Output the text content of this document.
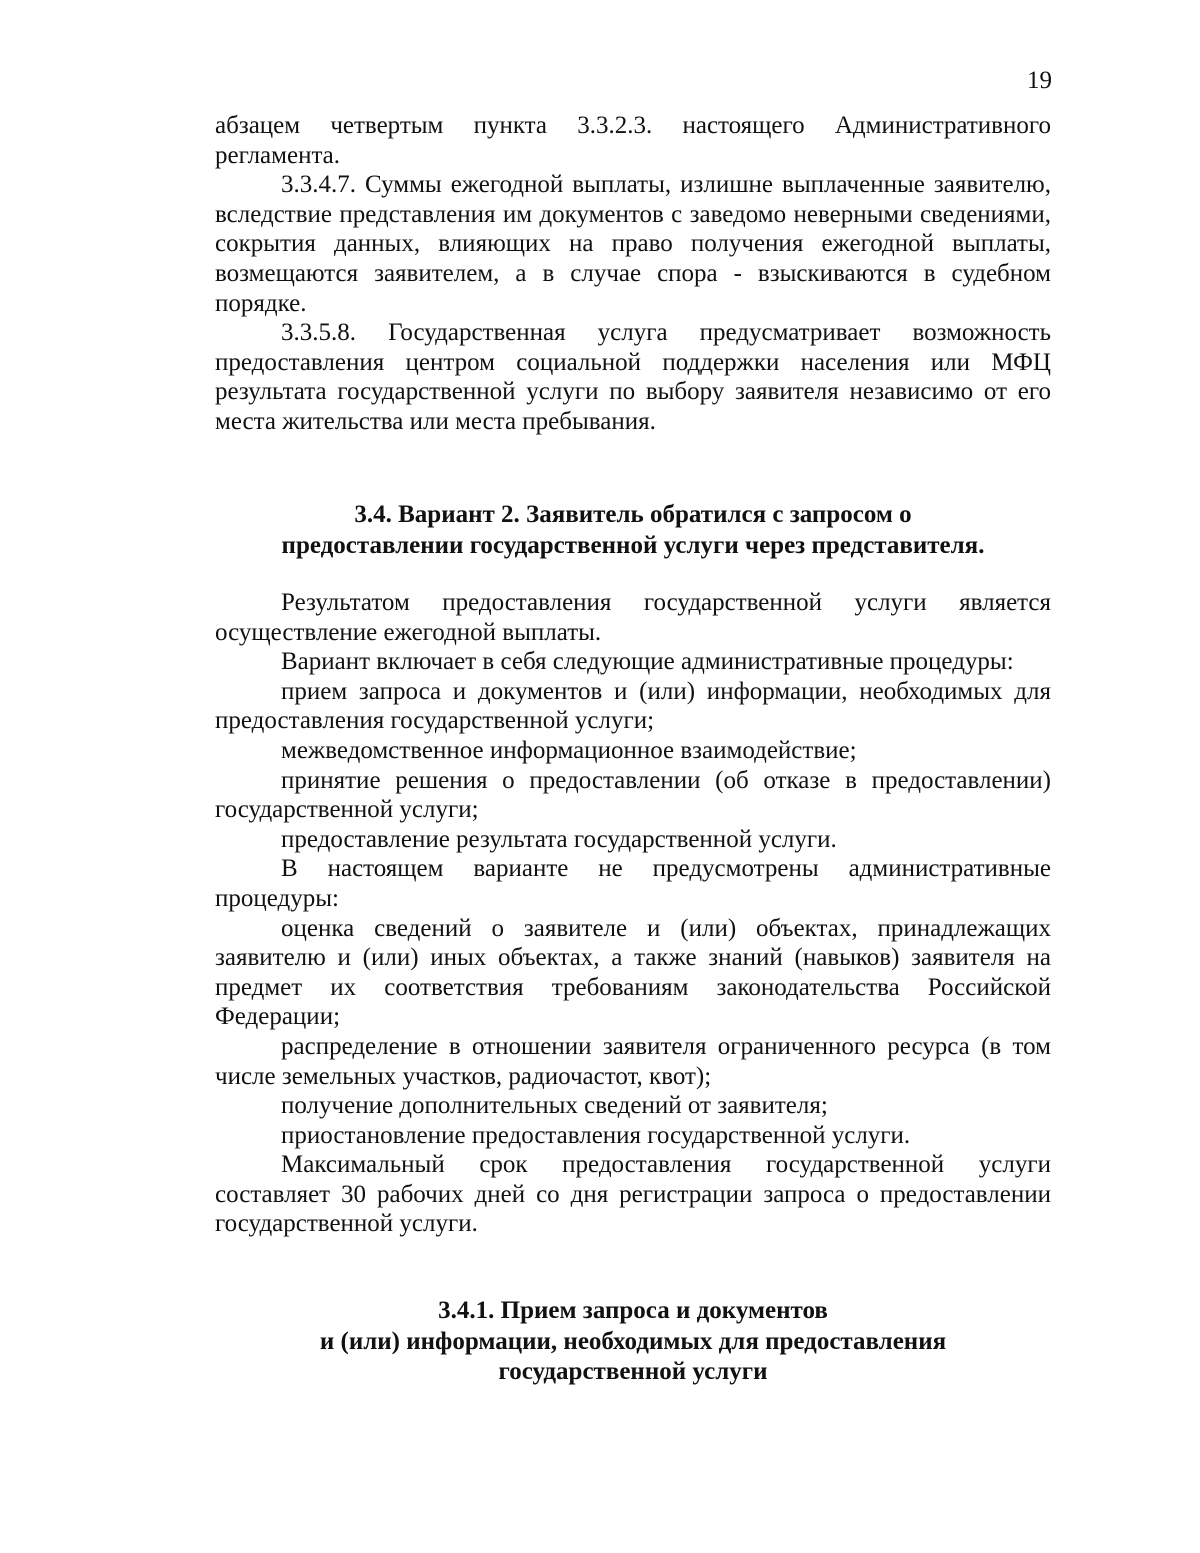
19

абзацем четвертым пункта 3.3.2.3. настоящего Административного регламента.

3.3.4.7. Суммы ежегодной выплаты, излишне выплаченные заявителю, вследствие представления им документов с заведомо неверными сведениями, сокрытия данных, влияющих на право получения ежегодной выплаты, возмещаются заявителем, а в случае спора - взыскиваются в судебном порядке.

3.3.5.8. Государственная услуга предусматривает возможность предоставления центром социальной поддержки населения или МФЦ результата государственной услуги по выбору заявителя независимо от его места жительства или места пребывания.

3.4. Вариант 2. Заявитель обратился с запросом о
предоставлении государственной услуги через представителя.

Результатом предоставления государственной услуги является осуществление ежегодной выплаты.

Вариант включает в себя следующие административные процедуры:

прием запроса и документов и (или) информации, необходимых для предоставления государственной услуги;

межведомственное информационное взаимодействие;

принятие решения о предоставлении (об отказе в предоставлении) государственной услуги;

предоставление результата государственной услуги.

В настоящем варианте не предусмотрены административные процедуры:

оценка сведений о заявителе и (или) объектах, принадлежащих заявителю и (или) иных объектах, а также знаний (навыков) заявителя на предмет их соответствия требованиям законодательства Российской Федерации;

распределение в отношении заявителя ограниченного ресурса (в том числе земельных участков, радиочастот, квот);

получение дополнительных сведений от заявителя;

приостановление предоставления государственной услуги.

Максимальный срок предоставления государственной услуги составляет 30 рабочих дней со дня регистрации запроса о предоставлении государственной услуги.

3.4.1. Прием запроса и документов
и (или) информации, необходимых для предоставления
государственной услуги
